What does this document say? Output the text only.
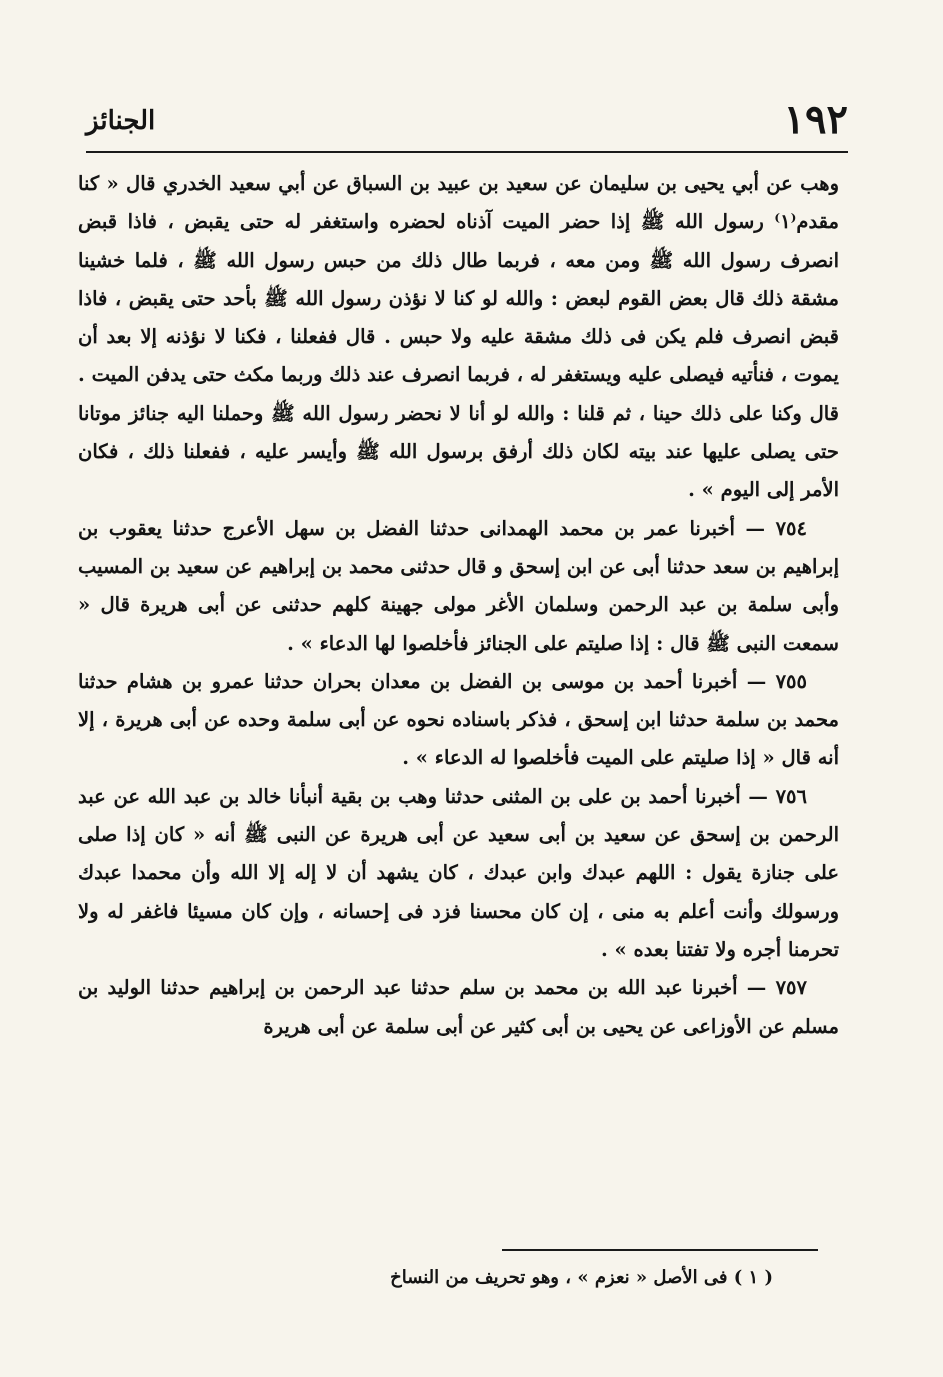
١٩٢
الجنائز

وهب عن أبي يحيى بن سليمان عن سعيد بن عبيد بن السباق عن أبي سعيد الخدري قال « كنا مقدم⁽١⁾ رسول الله ﷺ إذا حضر الميت آذناه لحضره واستغفر له حتى يقبض ، فاذا قبض انصرف رسول الله ﷺ ومن معه ، فربما طال ذلك من حبس رسول الله ﷺ ، فلما خشينا مشقة ذلك قال بعض القوم لبعض : والله لو كنا لا نؤذن رسول الله ﷺ بأحد حتى يقبض ، فاذا قبض انصرف فلم يكن فى ذلك مشقة عليه ولا حبس . قال ففعلنا ، فكنا لا نؤذنه إلا بعد أن يموت ، فنأتيه فيصلى عليه ويستغفر له ، فربما انصرف عند ذلك وربما مكث حتى يدفن الميت . قال وكنا على ذلك حينا ، ثم قلنا : والله لو أنا لا نحضر رسول الله ﷺ وحملنا اليه جنائز موتانا حتى يصلى عليها عند بيته لكان ذلك أرفق برسول الله ﷺ وأيسر عليه ، ففعلنا ذلك ، فكان الأمر إلى اليوم » .

٧٥٤ — أخبرنا عمر بن محمد الهمدانى حدثنا الفضل بن سهل الأعرج حدثنا يعقوب بن إبراهيم بن سعد حدثنا أبى عن ابن إسحق و قال حدثنى محمد بن إبراهيم عن سعيد بن المسيب وأبى سلمة بن عبد الرحمن وسلمان الأغر مولى جهينة كلهم حدثنى عن أبى هريرة قال « سمعت النبى ﷺ قال : إذا صليتم على الجنائز فأخلصوا لها الدعاء » .

٧٥٥ — أخبرنا أحمد بن موسى بن الفضل بن معدان بحران حدثنا عمرو بن هشام حدثنا محمد بن سلمة حدثنا ابن إسحق ، فذكر باسناده نحوه عن أبى سلمة وحده عن أبى هريرة ، إلا أنه قال « إذا صليتم على الميت فأخلصوا له الدعاء » .

٧٥٦ — أخبرنا أحمد بن على بن المثنى حدثنا وهب بن بقية أنبأنا خالد بن عبد الله عن عبد الرحمن بن إسحق عن سعيد بن أبى سعيد عن أبى هريرة عن النبى ﷺ أنه « كان إذا صلى على جنازة يقول : اللهم عبدك وابن عبدك ، كان يشهد أن لا إله إلا الله وأن محمدا عبدك ورسولك وأنت أعلم به منى ، إن كان محسنا فزد فى إحسانه ، وإن كان مسيئا فاغفر له ولا تحرمنا أجره ولا تفتنا بعده » .

٧٥٧ — أخبرنا عبد الله بن محمد بن سلم حدثنا عبد الرحمن بن إبراهيم حدثنا الوليد بن مسلم عن الأوزاعى عن يحيى بن أبى كثير عن أبى سلمة عن أبى هريرة

( ١ ) فى الأصل « نعزم » ، وهو تحريف من النساخ
